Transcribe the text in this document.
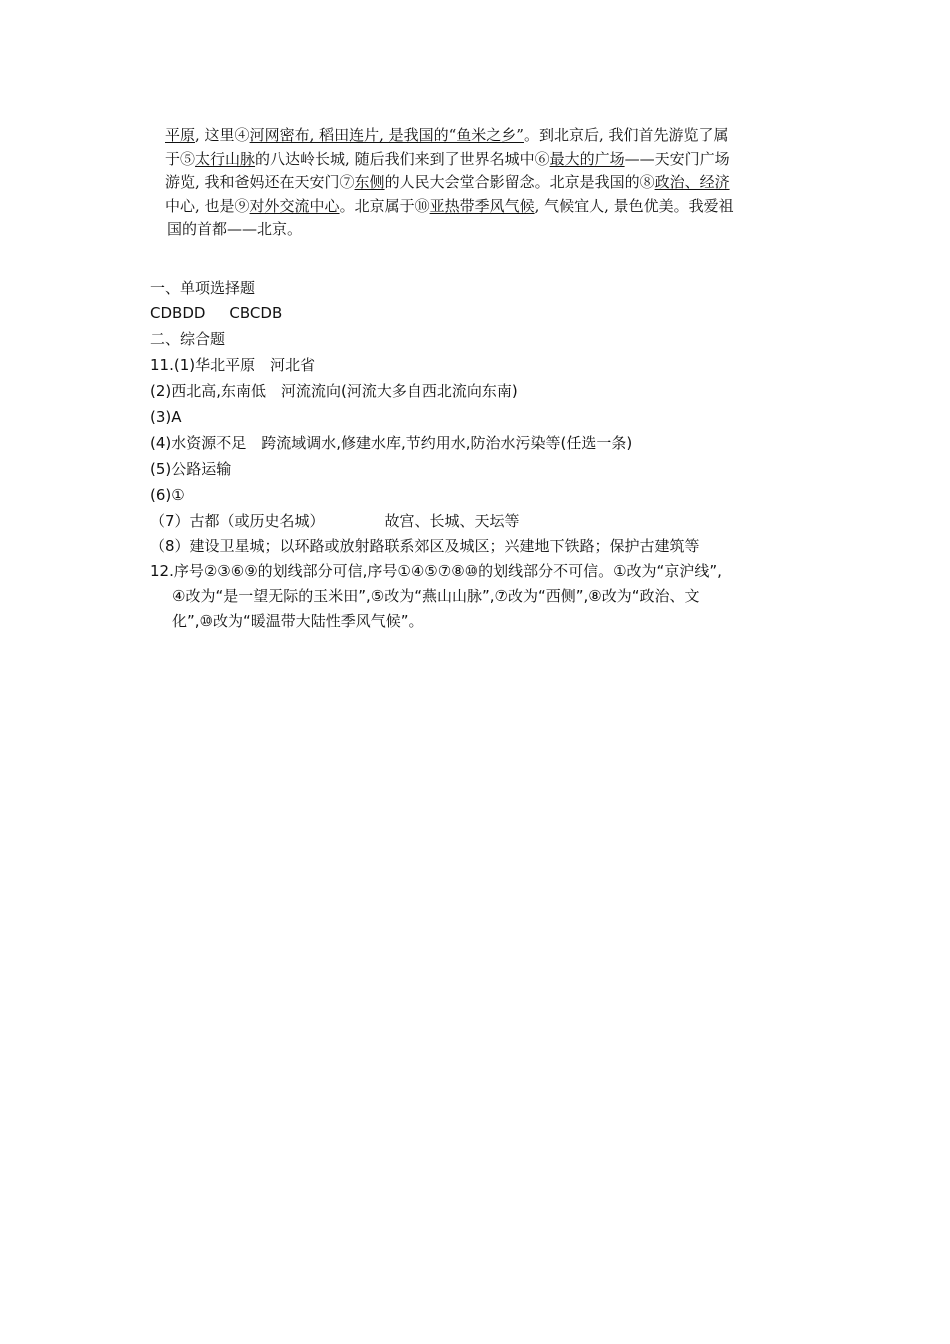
平原, 这里④河网密布, 稻田连片, 是我国的“鱼米之乡”。到北京后, 我们首先游览了属
于⑤太行山脉的八达岭长城, 随后我们来到了世界名城中⑥最大的广场——天安门广场
游览, 我和爸妈还在天安门⑦东侧的人民大会堂合影留念。北京是我国的⑧政治、经济
中心, 也是⑨对外交流中心。北京属于⑩亚热带季风气候, 气候宜人, 景色优美。我爱祖
国的首都——北京。
一、单项选择题
CDBDD CBCDB
二、综合题
11.(1)华北平原　河北省
(2)西北高,东南低　河流流向(河流大多自西北流向东南)
(3)A
(4)水资源不足　跨流域调水,修建水库,节约用水,防治水污染等(任选一条)
(5)公路运输
(6)①
（7）古都（或历史名城）	故宫、长城、天坛等
（8）建设卫星城；以环路或放射路联系郊区及城区；兴建地下铁路；保护古建筑等
12.序号②③⑥⑨的划线部分可信,序号①④⑤⑦⑧⑩的划线部分不可信。①改为“京沪线”,
④改为“是一望无际的玉米田”,⑤改为“燕山山脉”,⑦改为“西侧”,⑧改为“政治、文
化”,⑩改为“暖温带大陆性季风气候”。
